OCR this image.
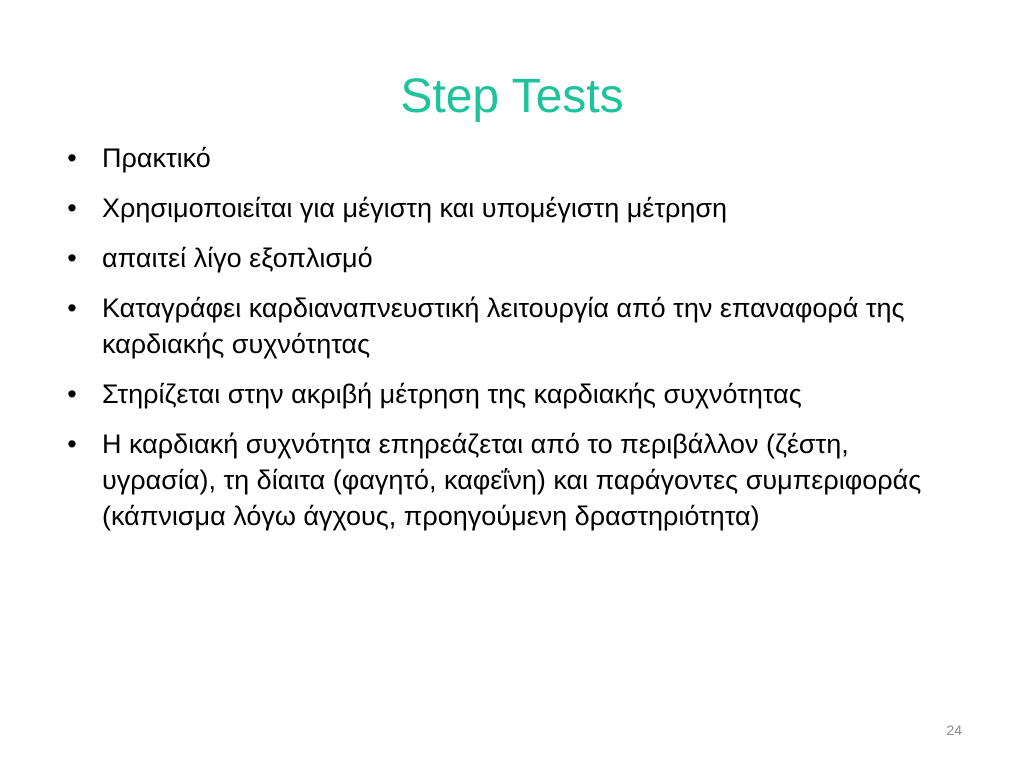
Step Tests
• Πρακτικό
• Χρησιμοποιείται για μέγιστη και υπομέγιστη μέτρηση
• απαιτεί λίγο εξοπλισμό
• Καταγράφει καρδιαναπνευστική λειτουργία από την επαναφορά της καρδιακής συχνότητας
• Στηρίζεται στην ακριβή μέτρηση της καρδιακής συχνότητας
• Η καρδιακή συχνότητα επηρεάζεται από το περιβάλλον (ζέστη, υγρασία), τη δίαιτα (φαγητό, καφεΐνη) και παράγοντες συμπεριφοράς (κάπνισμα λόγω άγχους, προηγούμενη δραστηριότητα)
24
